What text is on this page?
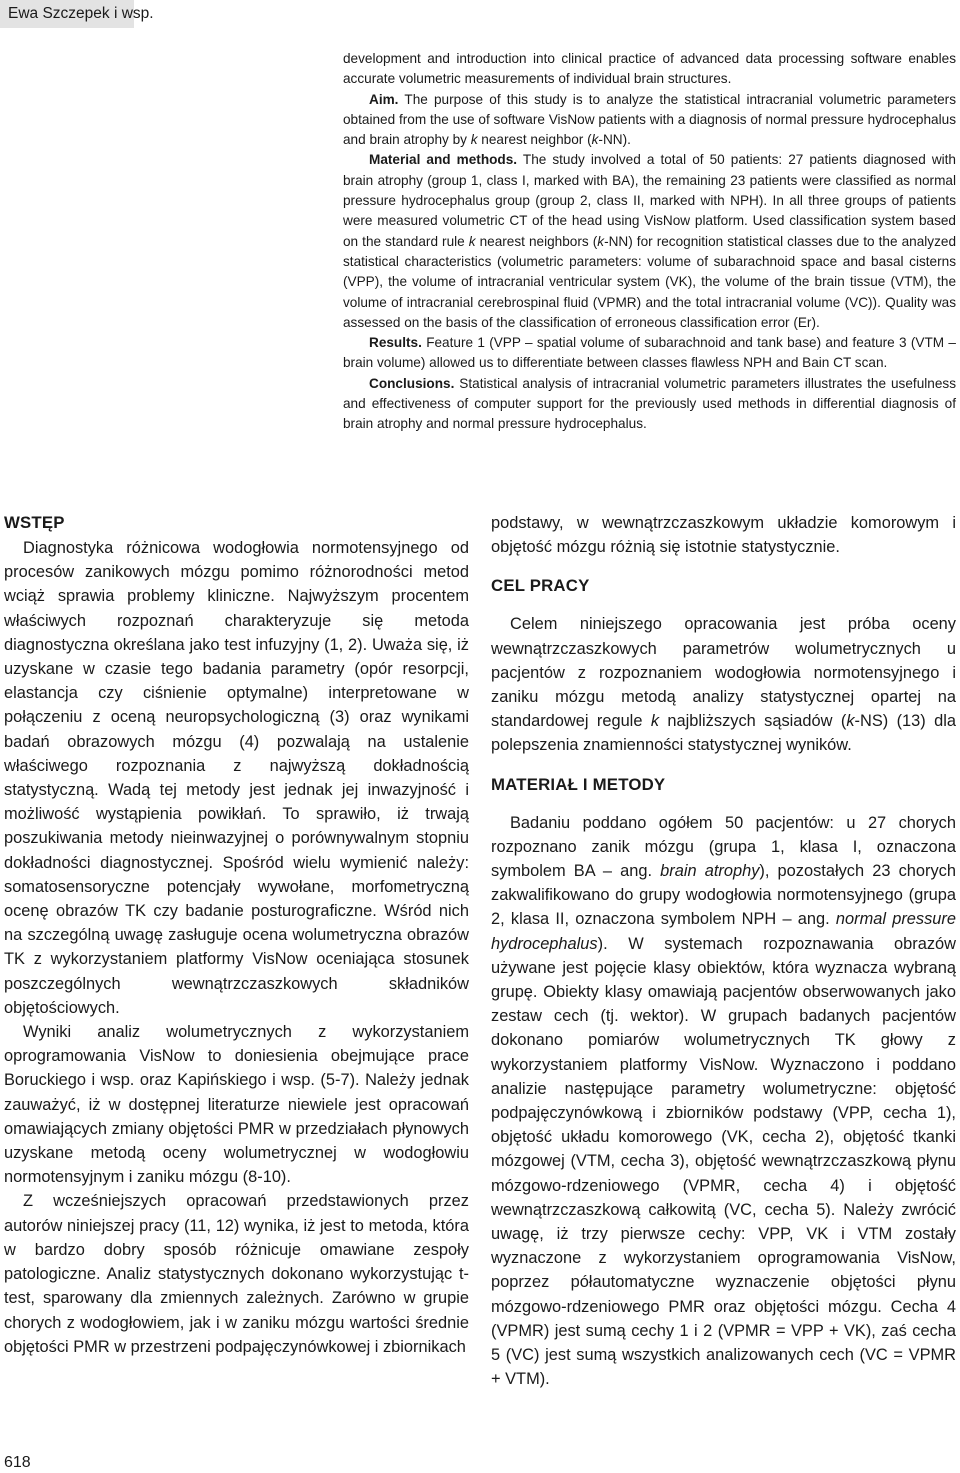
Ewa Szczepek i wsp.

development and introduction into clinical practice of advanced data processing software enables accurate volumetric measurements of individual brain structures.

Aim. The purpose of this study is to analyze the statistical intracranial volumetric parameters obtained from the use of software VisNow patients with a diagnosis of normal pressure hydrocephalus and brain atrophy by k nearest neighbor (k-NN).

Material and methods. The study involved a total of 50 patients: 27 patients diagnosed with brain atrophy (group 1, class I, marked with BA), the remaining 23 patients were classified as normal pressure hydrocephalus group (group 2, class II, marked with NPH). In all three groups of patients were measured volumetric CT of the head using VisNow platform. Used classification system based on the standard rule k nearest neighbors (k-NN) for recognition statistical classes due to the analyzed statistical characteristics (volumetric parameters: volume of subarachnoid space and basal cisterns (VPP), the volume of intracranial ventricular system (VK), the volume of the brain tissue (VTM), the volume of intracranial cerebrospinal fluid (VPMR) and the total intracranial volume (VC)). Quality was assessed on the basis of the classification of erroneous classification error (Er).

Results. Feature 1 (VPP – spatial volume of subarachnoid and tank base) and feature 3 (VTM – brain volume) allowed us to differentiate between classes flawless NPH and Bain CT scan.

Conclusions. Statistical analysis of intracranial volumetric parameters illustrates the usefulness and effectiveness of computer support for the previously used methods in differential diagnosis of brain atrophy and normal pressure hydrocephalus.

WSTĘP

Diagnostyka różnicowa wodogłowia normotensyjnego od procesów zanikowych mózgu pomimo różnorodności metod wciąż sprawia problemy kliniczne. Najwyższym procentem właściwych rozpoznań charakteryzuje się metoda diagnostyczna określana jako test infuzyjny (1, 2). Uważa się, iż uzyskane w czasie tego badania parametry (opór resorpcji, elastancja czy ciśnienie optymalne) interpretowane w połączeniu z oceną neuropsychologiczną (3) oraz wynikami badań obrazowych mózgu (4) pozwalają na ustalenie właściwego rozpoznania z najwyższą dokładnością statystyczną. Wadą tej metody jest jednak jej inwazyjność i możliwość wystąpienia powikłań. To sprawiło, iż trwają poszukiwania metody nieinwazyjnej o porównywalnym stopniu dokładności diagnostycznej. Spośród wielu wymienić należy: somatosensoryczne potencjały wywołane, morfometryczną ocenę obrazów TK czy badanie posturograficzne. Wśród nich na szczególną uwagę zasługuje ocena wolumetryczna obrazów TK z wykorzystaniem platformy VisNow oceniająca stosunek poszczególnych wewnątrzczaszkowych składników objętościowych.

Wyniki analiz wolumetrycznych z wykorzystaniem oprogramowania VisNow to doniesienia obejmujące prace Boruckiego i wsp. oraz Kapińskiego i wsp. (5-7). Należy jednak zauważyć, iż w dostępnej literaturze niewiele jest opracowań omawiających zmiany objętości PMR w przedziałach płynowych uzyskane metodą oceny wolumetrycznej w wodogłowiu normotensyjnym i zaniku mózgu (8-10).

Z wcześniejszych opracowań przedstawionych przez autorów niniejszej pracy (11, 12) wynika, iż jest to metoda, która w bardzo dobry sposób różnicuje omawiane zespoły patologiczne. Analiz statystycznych dokonano wykorzystując t-test, sparowany dla zmiennych zależnych. Zarówno w grupie chorych z wodogłowiem, jak i w zaniku mózgu wartości średnie objętości PMR w przestrzeni podpajęczynówkowej i zbiornikach

podstawy, w wewnątrzczaszkowym układzie komorowym i objętość mózgu różnią się istotnie statystycznie.

CEL PRACY

Celem niniejszego opracowania jest próba oceny wewnątrzczaszkowych parametrów wolumetrycznych u pacjentów z rozpoznaniem wodogłowia normotensyjnego i zaniku mózgu metodą analizy statystycznej opartej na standardowej regule k najbliższych sąsiadów (k-NS) (13) dla polepszenia znamienności statystycznej wyników.

MATERIAŁ I METODY

Badaniu poddano ogółem 50 pacjentów: u 27 chorych rozpoznano zanik mózgu (grupa 1, klasa I, oznaczona symbolem BA – ang. brain atrophy), pozostałych 23 chorych zakwalifikowano do grupy wodogłowia normotensyjnego (grupa 2, klasa II, oznaczona symbolem NPH – ang. normal pressure hydrocephalus). W systemach rozpoznawania obrazów używane jest pojęcie klasy obiektów, która wyznacza wybraną grupę. Obiekty klasy omawiają pacjentów obserwowanych jako zestaw cech (tj. wektor). W grupach badanych pacjentów dokonano pomiarów wolumetrycznych TK głowy z wykorzystaniem platformy VisNow. Wyznaczono i poddano analizie następujące parametry wolumetryczne: objętość podpajęczynówkową i zbiorników podstawy (VPP, cecha 1), objętość układu komorowego (VK, cecha 2), objętość tkanki mózgowej (VTM, cecha 3), objętość wewnątrzczaszkową płynu mózgowo-rdzeniowego (VPMR, cecha 4) i objętość wewnątrzczaszkową całkowitą (VC, cecha 5). Należy zwrócić uwagę, iż trzy pierwsze cechy: VPP, VK i VTM zostały wyznaczone z wykorzystaniem oprogramowania VisNow, poprzez półautomatyczne wyznaczenie objętości płynu mózgowo-rdzeniowego PMR oraz objętości mózgu. Cecha 4 (VPMR) jest sumą cechy 1 i 2 (VPMR = VPP + VK), zaś cecha 5 (VC) jest sumą wszystkich analizowanych cech (VC = VPMR + VTM).

618
